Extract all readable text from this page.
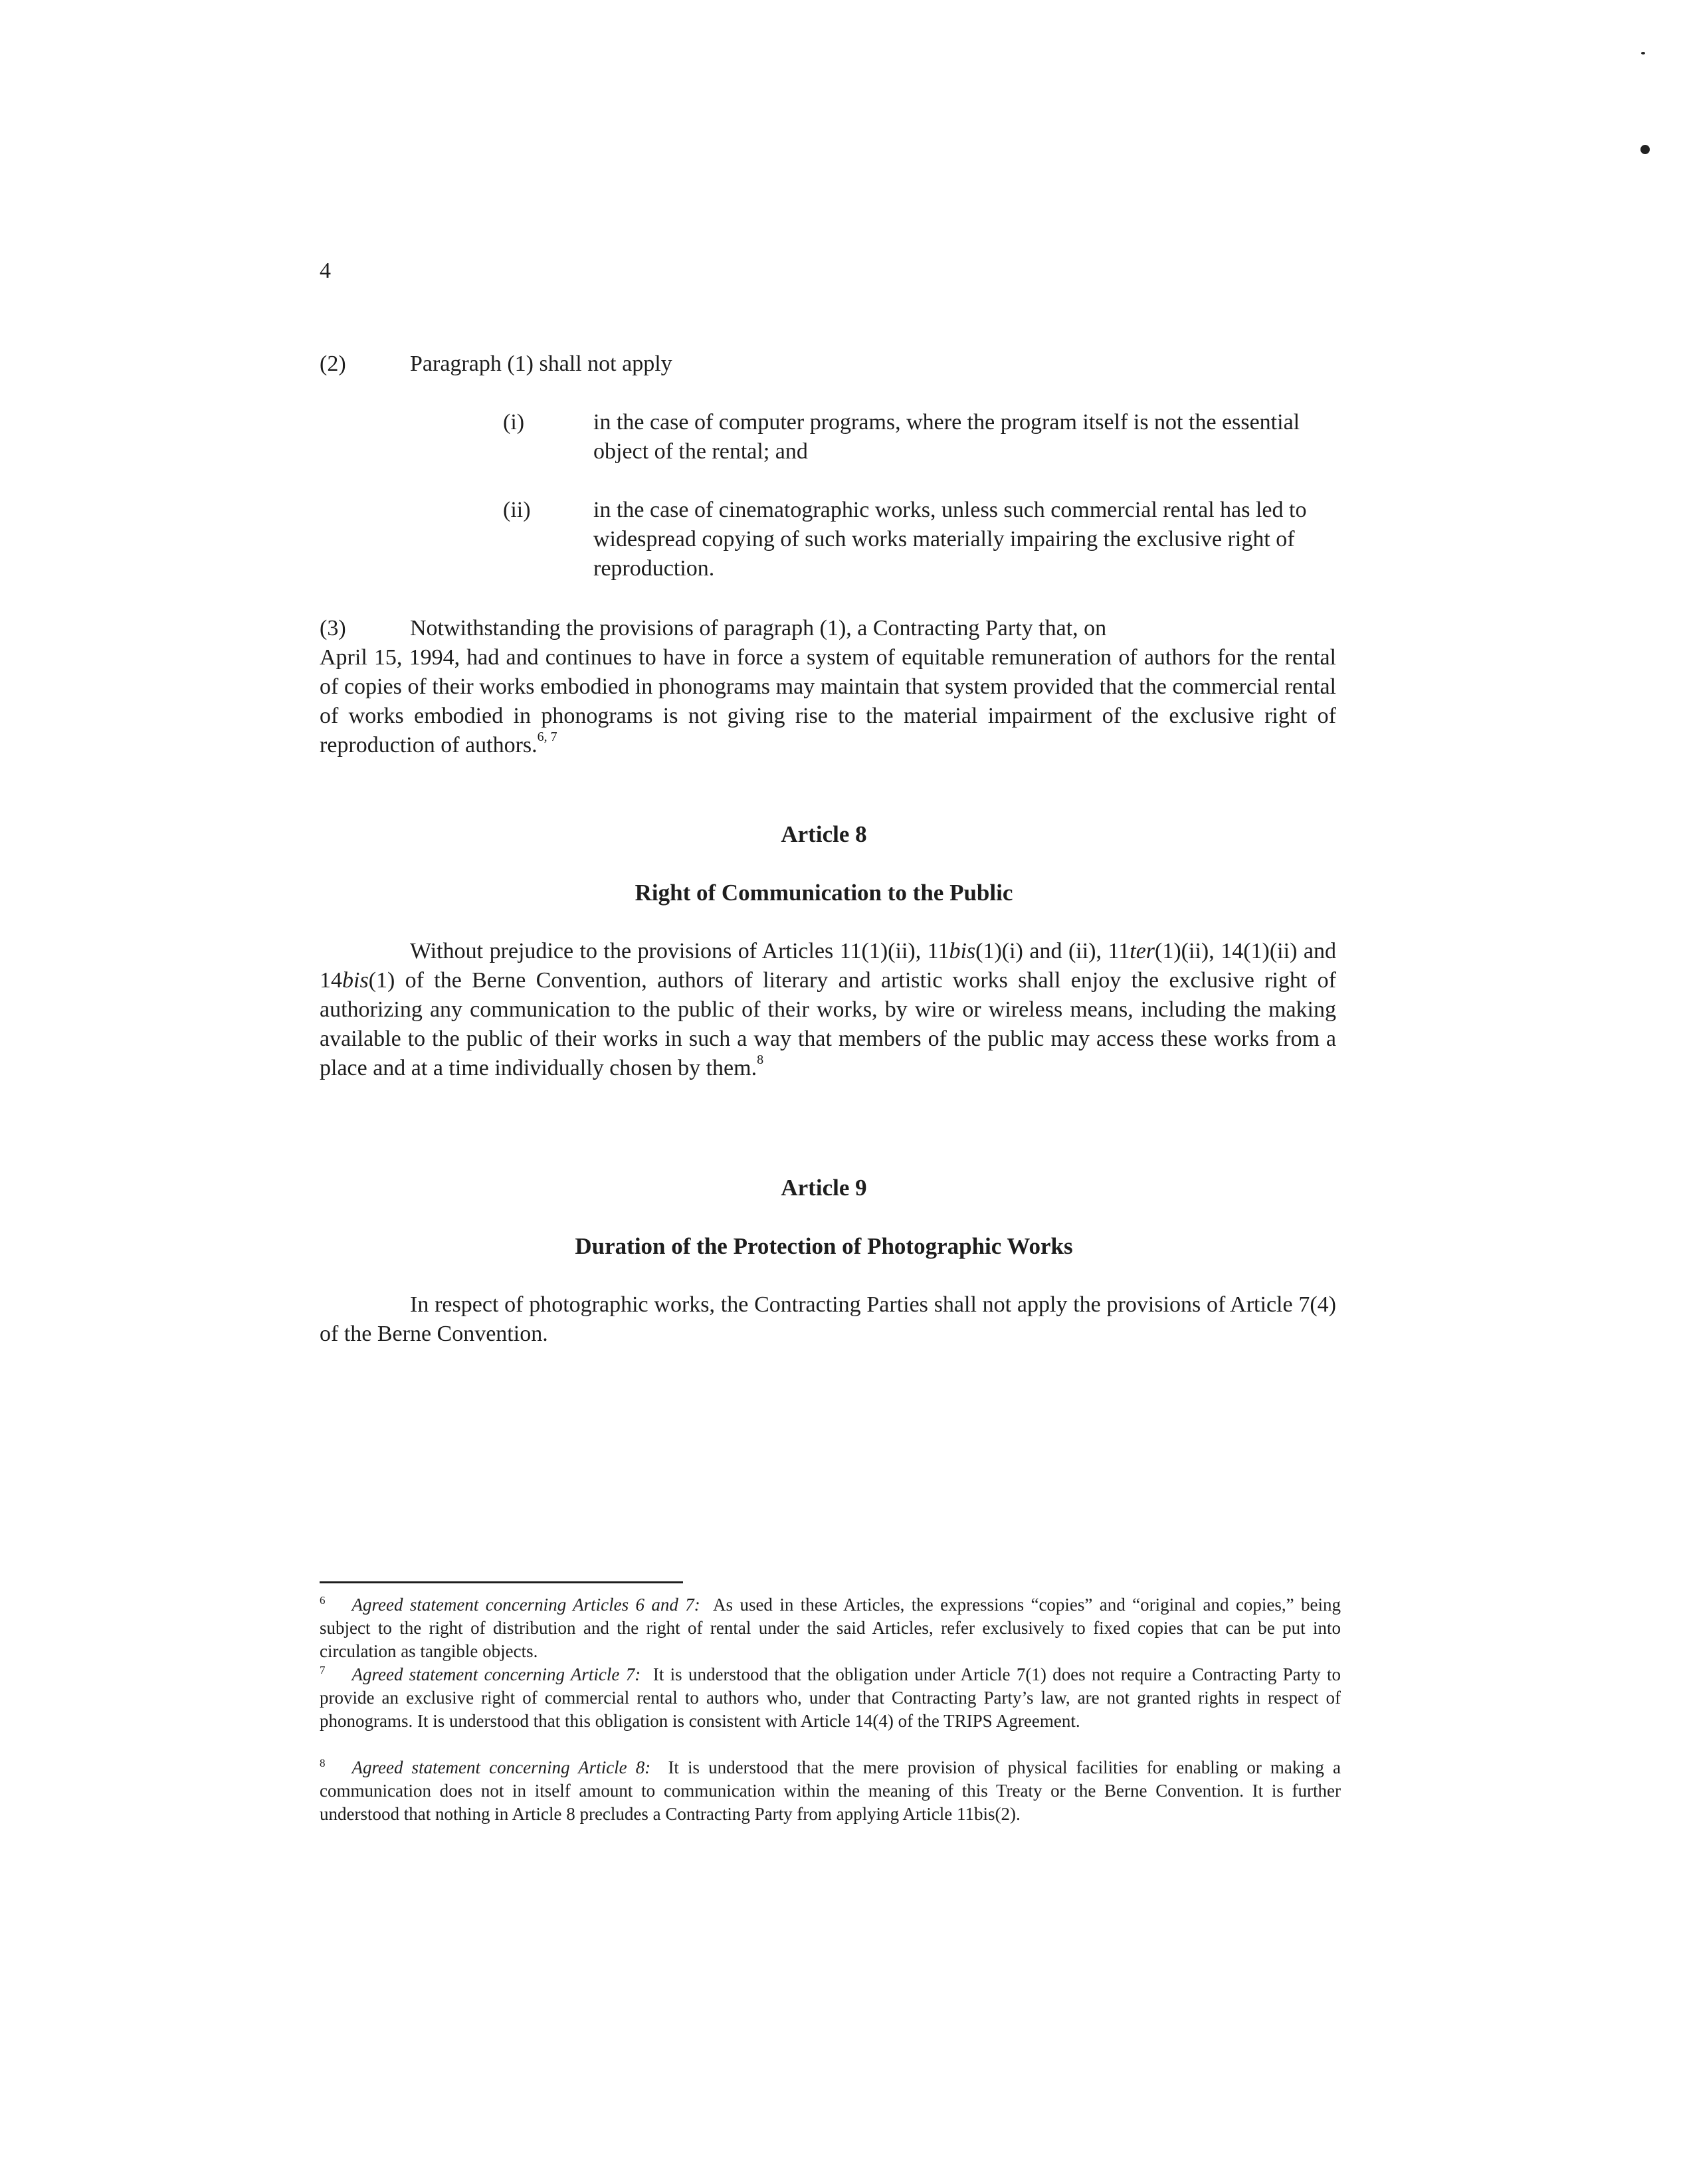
4
(2)	Paragraph (1) shall not apply
(i)	in the case of computer programs, where the program itself is not the essential object of the rental; and
(ii)	in the case of cinematographic works, unless such commercial rental has led to widespread copying of such works materially impairing the exclusive right of reproduction.
(3)	Notwithstanding the provisions of paragraph (1), a Contracting Party that, on
April 15, 1994, had and continues to have in force a system of equitable remuneration of authors for the rental of copies of their works embodied in phonograms may maintain that system provided that the commercial rental of works embodied in phonograms is not giving rise to the material impairment of the exclusive right of reproduction of authors.$^{6, 7}$
Article 8
Right of Communication to the Public
Without prejudice to the provisions of Articles 11(1)(ii), 11bis(1)(i) and (ii), 11ter(1)(ii), 14(1)(ii) and 14bis(1) of the Berne Convention, authors of literary and artistic works shall enjoy the exclusive right of authorizing any communication to the public of their works, by wire or wireless means, including the making available to the public of their works in such a way that members of the public may access these works from a place and at a time individually chosen by them.$^8$
Article 9
Duration of the Protection of Photographic Works
In respect of photographic works, the Contracting Parties shall not apply the provisions of Article 7(4) of the Berne Convention.
$^6$ Agreed statement concerning Articles 6 and 7: As used in these Articles, the expressions “copies” and “original and copies,” being subject to the right of distribution and the right of rental under the said Articles, refer exclusively to fixed copies that can be put into circulation as tangible objects.
$^7$ Agreed statement concerning Article 7: It is understood that the obligation under Article 7(1) does not require a Contracting Party to provide an exclusive right of commercial rental to authors who, under that Contracting Party’s law, are not granted rights in respect of phonograms. It is understood that this obligation is consistent with Article 14(4) of the TRIPS Agreement.
$^8$ Agreed statement concerning Article 8: It is understood that the mere provision of physical facilities for enabling or making a communication does not in itself amount to communication within the meaning of this Treaty or the Berne Convention. It is further understood that nothing in Article 8 precludes a Contracting Party from applying Article 11bis(2).
